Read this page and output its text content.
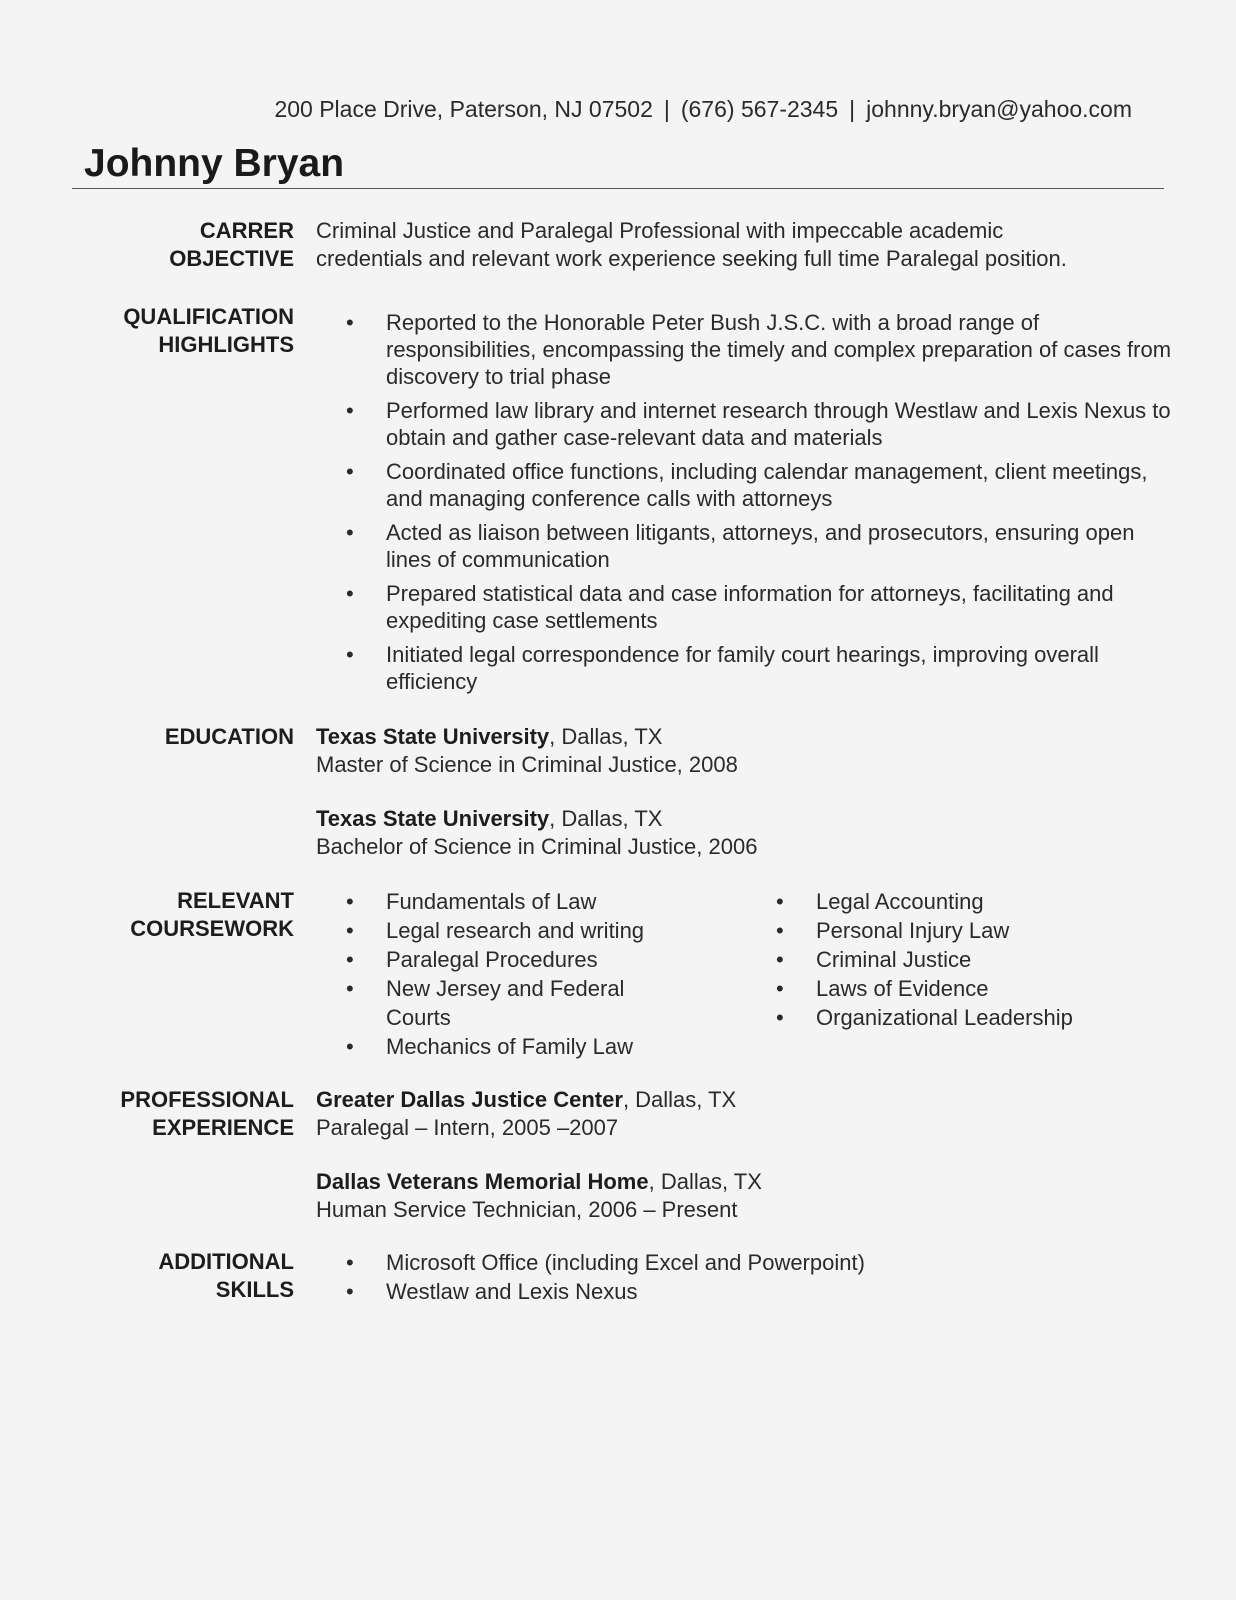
200 Place Drive, Paterson, NJ 07502 | (676) 567-2345 | johnny.bryan@yahoo.com
Johnny Bryan
CARRER
OBJECTIVE
Criminal Justice and Paralegal Professional with impeccable academic
credentials and relevant work experience seeking full time Paralegal position.
QUALIFICATION
HIGHLIGHTS
• Reported to the Honorable Peter Bush J.S.C. with a broad range of responsibilities, encompassing the timely and complex preparation of cases from discovery to trial phase
• Performed law library and internet research through Westlaw and Lexis Nexus to obtain and gather case-relevant data and materials
• Coordinated office functions, including calendar management, client meetings, and managing conference calls with attorneys
• Acted as liaison between litigants, attorneys, and prosecutors, ensuring open lines of communication
• Prepared statistical data and case information for attorneys, facilitating and expediting case settlements
• Initiated legal correspondence for family court hearings, improving overall efficiency
EDUCATION Texas State University, Dallas, TX
Master of Science in Criminal Justice, 2008
Texas State University, Dallas, TX
Bachelor of Science in Criminal Justice, 2006
RELEVANT
COURSEWORK
• Fundamentals of Law
• Legal research and writing
• Paralegal Procedures
• New Jersey and Federal Courts
• Mechanics of Family Law
• Legal Accounting
• Personal Injury Law
• Criminal Justice
• Laws of Evidence
• Organizational Leadership
PROFESSIONAL
EXPERIENCE
Greater Dallas Justice Center, Dallas, TX
Paralegal – Intern, 2005 –2007
Dallas Veterans Memorial Home, Dallas, TX
Human Service Technician, 2006 – Present
ADDITIONAL
SKILLS
• Microsoft Office (including Excel and Powerpoint)
• Westlaw and Lexis Nexus
